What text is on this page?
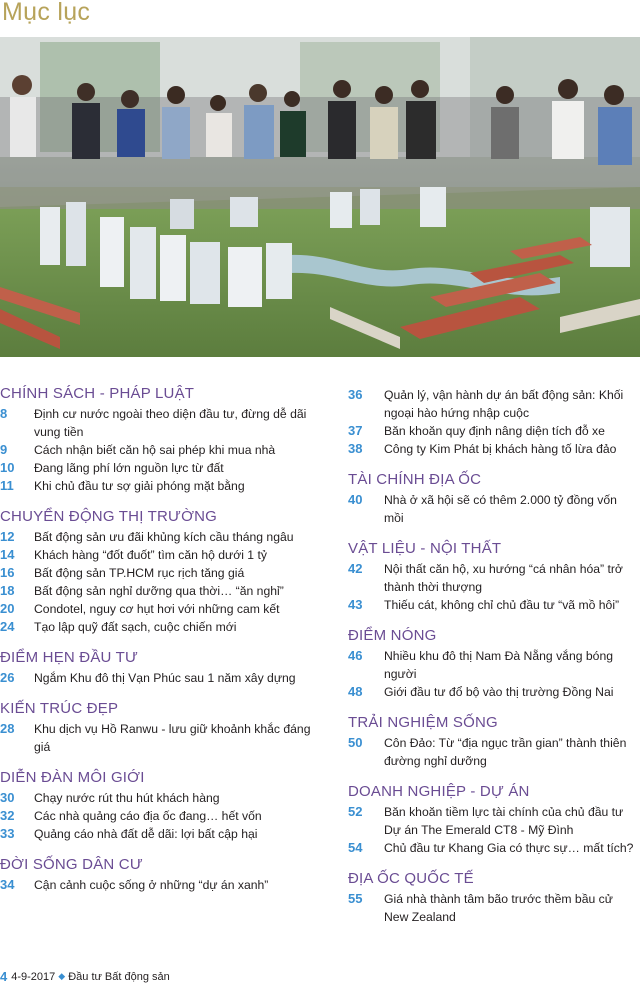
Mục lục
CHÍNH SÁCH - PHÁP LUẬT
8	Định cư nước ngoài theo diện đầu tư, đừng dễ dãi vung tiền
9	Cách nhận biết căn hộ sai phép khi mua nhà
10	Đang lãng phí lớn nguồn lực từ đất
11	Khi chủ đầu tư sợ giải phóng mặt bằng
CHUYỂN ĐỘNG THỊ TRƯỜNG
12	Bất động sản ưu đãi khủng kích cầu tháng ngâu
14	Khách hàng “đốt đuốt” tìm căn hộ dưới 1 tỷ
16	Bất động sản TP.HCM rục rịch tăng giá
18	Bất động sản nghỉ dưỡng qua thời… “ăn nghỉ”
20	Condotel, nguy cơ hụt hơi với những cam kết
24	Tạo lập quỹ đất sạch, cuộc chiến mới
ĐIỂM HẸN ĐẦU TƯ
26	Ngắm Khu đô thị Vạn Phúc sau 1 năm xây dựng
KIẾN TRÚC ĐẸP
28	Khu dịch vụ Hồ Ranwu - lưu giữ khoảnh khắc đáng giá
DIỄN ĐÀN MÔI GIỚI
30	Chạy nước rút thu hút khách hàng
32	Các nhà quảng cáo địa ốc đang… hết vốn
33	Quảng cáo nhà đất dễ dãi: lợi bất cập hại
ĐỜI SỐNG DÂN CƯ
34	Cận cảnh cuộc sống ở những “dự án xanh”
36	Quản lý, vận hành dự án bất động sản: Khối ngoại hào hứng nhập cuộc
37	Băn khoăn quy định nâng diện tích đỗ xe
38	Công ty Kim Phát bị khách hàng tố lừa đảo
TÀI CHÍNH ĐỊA ỐC
40	Nhà ở xã hội sẽ có thêm 2.000 tỷ đồng vốn mồi
VẬT LIỆU - NỘI THẤT
42	Nội thất căn hộ, xu hướng “cá nhân hóa” trở thành thời thượng
43	Thiếu cát, không chỉ chủ đầu tư “vã mồ hôi”
ĐIỂM NÓNG
46	Nhiều khu đô thị Nam Đà Nẵng vắng bóng người
48	Giới đầu tư đổ bộ vào thị trường Đồng Nai
TRẢI NGHIỆM SỐNG
50	Côn Đảo: Từ “địa ngục trần gian” thành thiên đường nghỉ dưỡng
DOANH NGHIỆP - DỰ ÁN
52	Băn khoăn tiềm lực tài chính của chủ đầu tư Dự án The Emerald CT8 - Mỹ Đình
54	Chủ đầu tư Khang Gia có thực sự… mất tích?
ĐỊA ỐC QUỐC TẾ
55	Giá nhà thành tâm bão trước thềm bầu cử New Zealand
4 4-9-2017 ◆ Đầu tư Bất động sản
